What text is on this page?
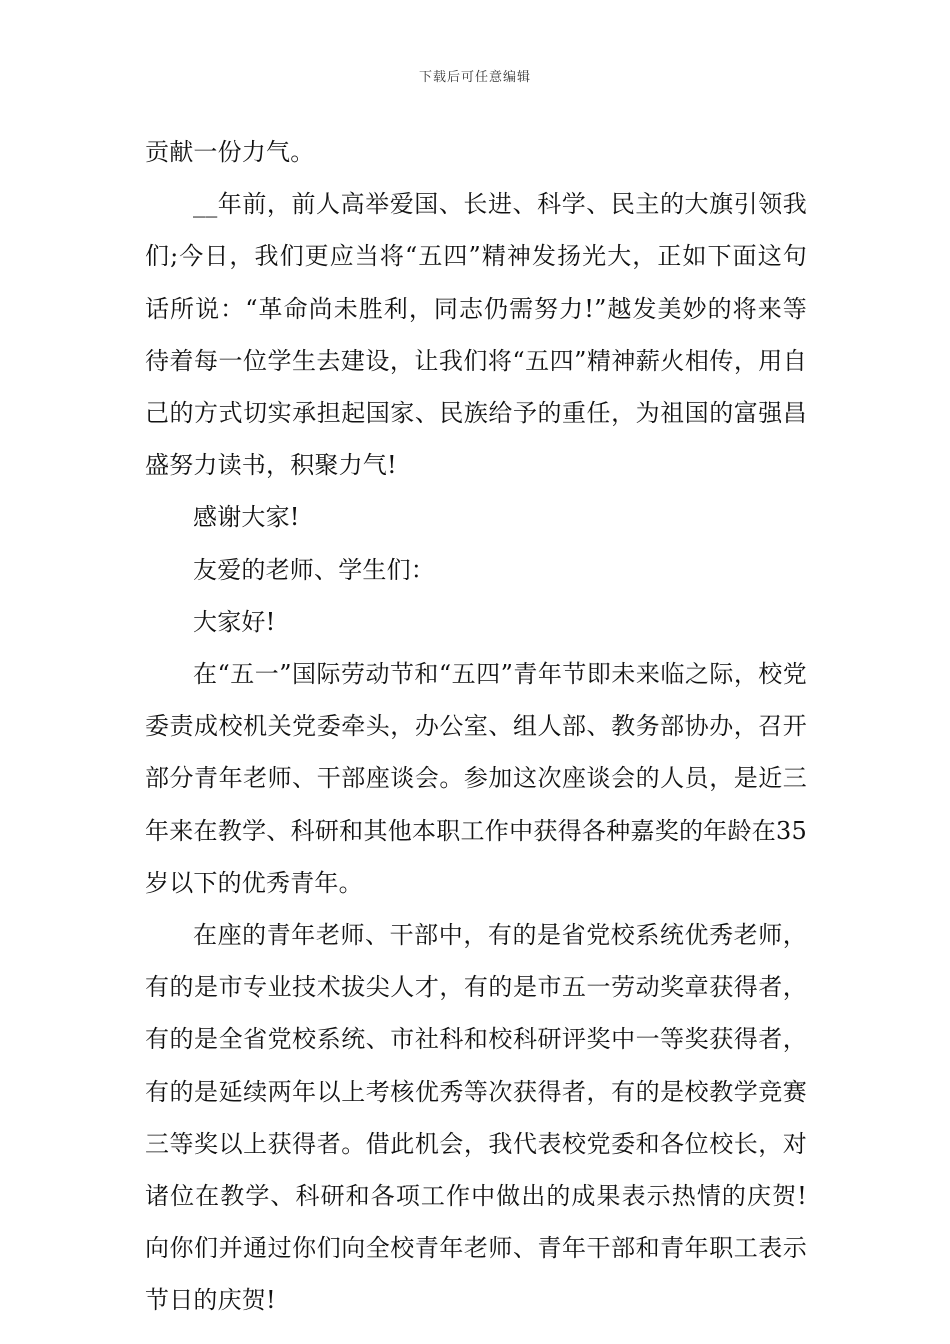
下载后可任意编辑

贡献一份力气。

__年前，前人高举爱国、长进、科学、民主的大旗引领我们;今日，我们更应当将“五四”精神发扬光大，正如下面这句话所说：“革命尚未胜利，同志仍需努力!”越发美妙的将来等待着每一位学生去建设，让我们将“五四”精神薪火相传，用自己的方式切实承担起国家、民族给予的重任，为祖国的富强昌盛努力读书，积聚力气!

感谢大家!

友爱的老师、学生们：

大家好!

在“五一”国际劳动节和“五四”青年节即未来临之际，校党委责成校机关党委牵头，办公室、组人部、教务部协办，召开部分青年老师、干部座谈会。参加这次座谈会的人员，是近三年来在教学、科研和其他本职工作中获得各种嘉奖的年龄在35岁以下的优秀青年。

在座的青年老师、干部中，有的是省党校系统优秀老师，有的是市专业技术拔尖人才，有的是市五一劳动奖章获得者，有的是全省党校系统、市社科和校科研评奖中一等奖获得者，有的是延续两年以上考核优秀等次获得者，有的是校教学竞赛三等奖以上获得者。借此机会，我代表校党委和各位校长，对诸位在教学、科研和各项工作中做出的成果表示热情的庆贺!向你们并通过你们向全校青年老师、青年干部和青年职工表示节日的庆贺!
